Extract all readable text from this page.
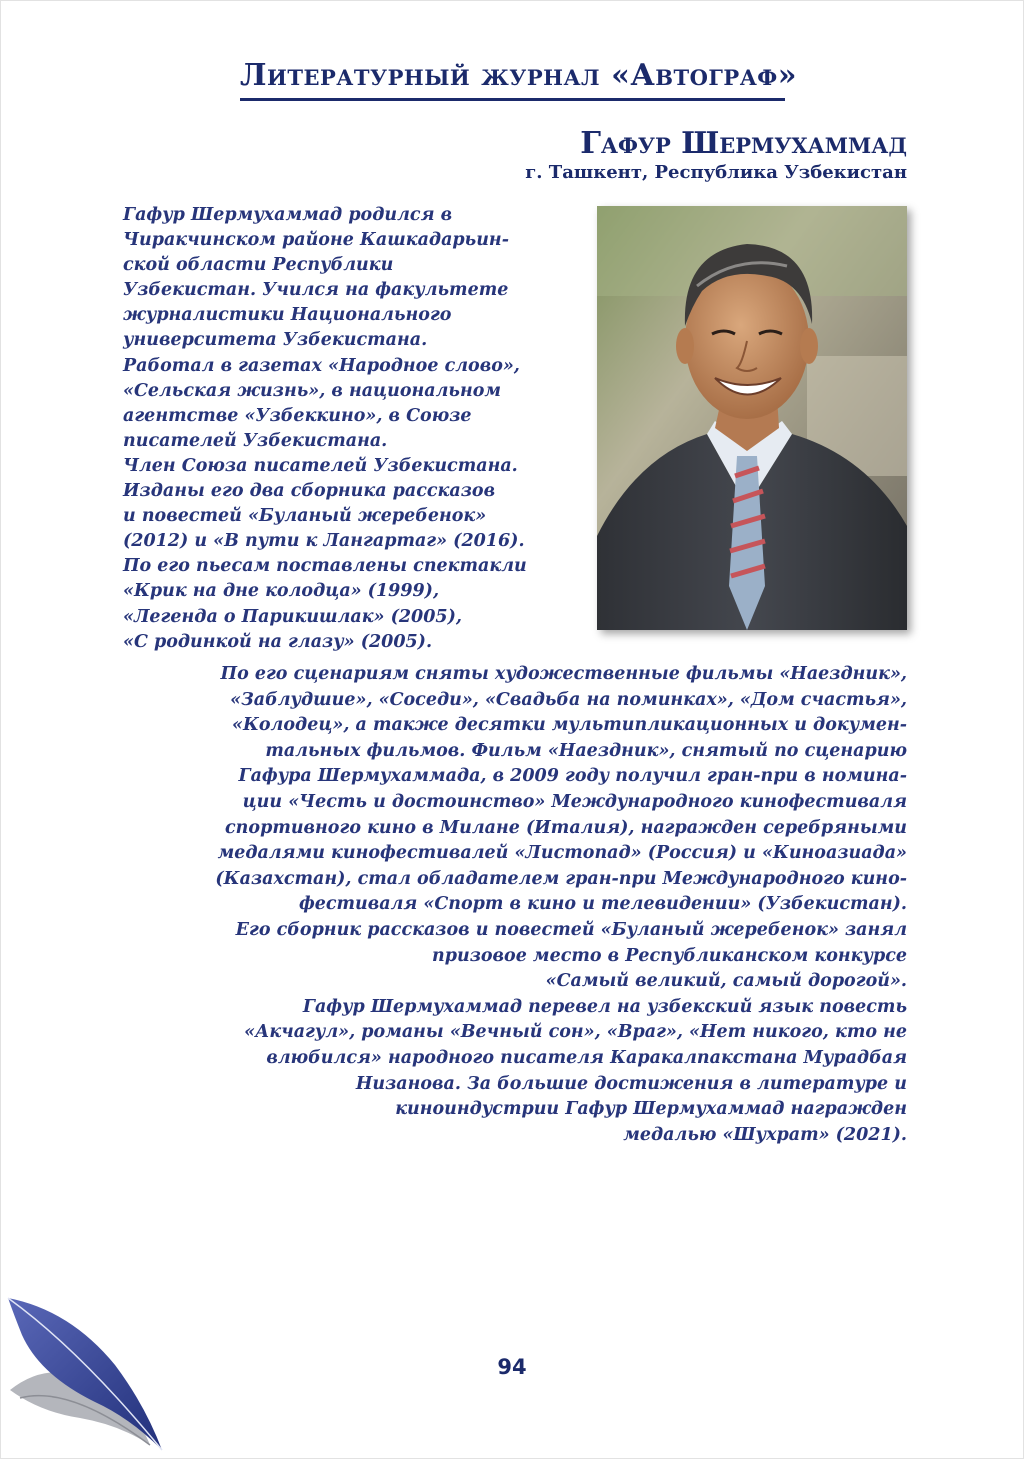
Литературный журнал «Автограф»
Гафур Шермухаммад
г. Ташкент, Республика Узбекистан

Гафур Шермухаммад родился в

Чиракчинском районе Кашкадарьин-

ской области Республики

Узбекистан. Учился на факультете

журналистики Национального

университета Узбекистана.

Работал в газетах «Народное слово»,

«Сельская жизнь», в национальном

агентстве «Узбеккино», в Союзе

писателей Узбекистана.

Член Союза писателей Узбекистана.

Изданы его два сборника рассказов

и повестей «Буланый жеребенок»

(2012) и «В пути к Лангартаг» (2016).

По его пьесам поставлены спектакли

«Крик на дне колодца» (1999),

«Легенда о Парикишлак» (2005),

«С родинкой на глазу» (2005).

По его сценариям сняты художественные фильмы «Наездник»,

«Заблудшие», «Соседи», «Свадьба на поминках», «Дом счастья»,

«Колодец», а также десятки мультипликационных и докумен-

тальных фильмов. Фильм «Наездник», снятый по сценарию

Гафура Шермухаммада, в 2009 году получил гран-при в номина-

ции «Честь и достоинство» Международного кинофестиваля

спортивного кино в Милане (Италия), награжден серебряными

медалями кинофестивалей «Листопад» (Россия) и «Киноазиада»

(Казахстан), стал обладателем гран-при Международного кино-

фестиваля «Спорт в кино и телевидении» (Узбекистан).

Его сборник рассказов и повестей «Буланый жеребенок» занял

призовое место в Республиканском конкурсе

«Самый великий, самый дорогой».

Гафур Шермухаммад перевел на узбекский язык повесть

«Акчагул», романы «Вечный сон», «Враг», «Нет никого, кто не

влюбился» народного писателя Каракалпакстана Мурадбая

Низанова. За большие достижения в литературе и

киноиндустрии Гафур Шермухаммад награжден

медалью «Шухрат» (2021).

94
